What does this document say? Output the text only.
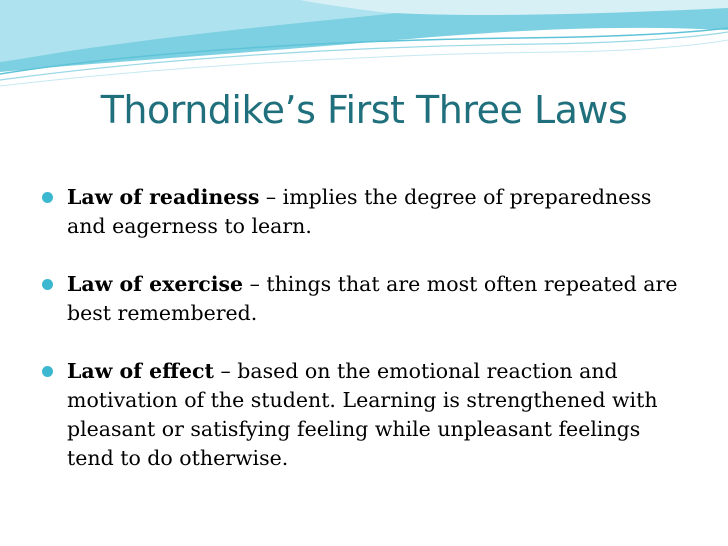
Thorndike’s First Three Laws
Law of readiness – implies the degree of preparedness and eagerness to learn.
Law of exercise – things that are most often repeated are best remembered.
Law of effect – based on the emotional reaction and motivation of the student. Learning is strengthened with pleasant or satisfying feeling while unpleasant feelings tend to do otherwise.
